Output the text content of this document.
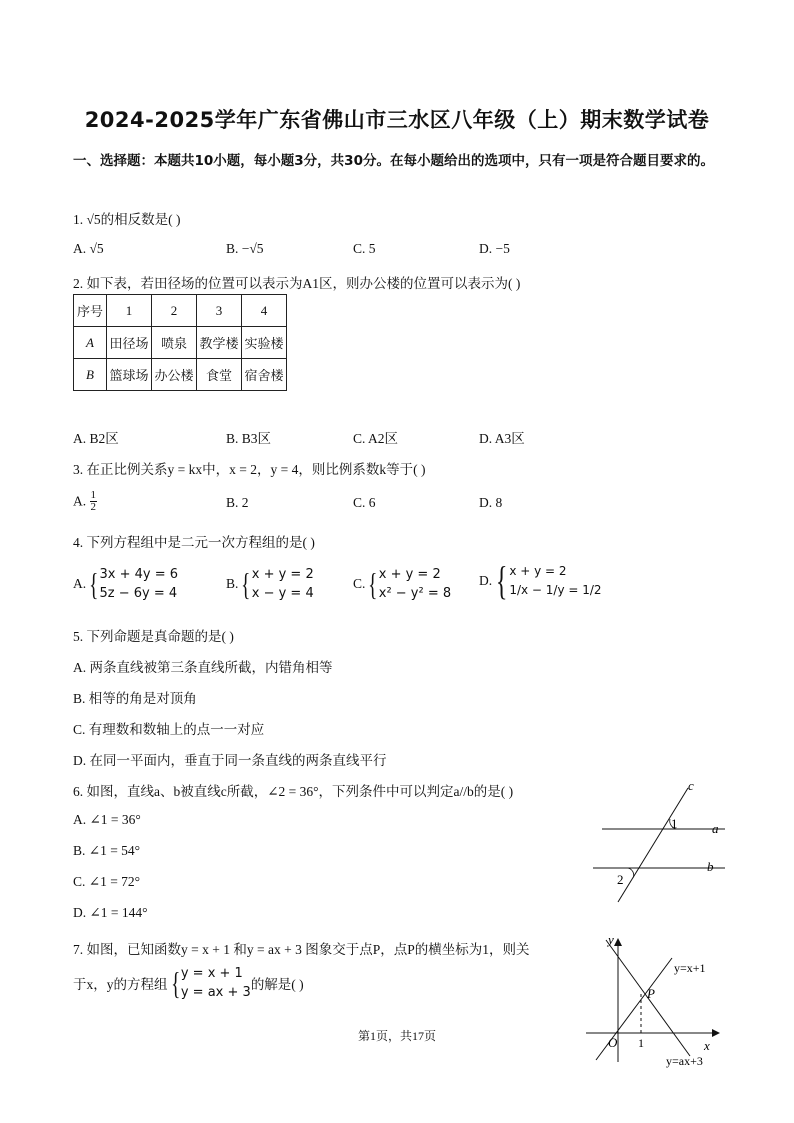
2024-2025学年广东省佛山市三水区八年级（上）期末数学试卷
一、选择题：本题共10小题，每小题3分，共30分。在每小题给出的选项中，只有一项是符合题目要求的。
1. √5的相反数是( )
A. √5	B. −√5	C. 5	D. −5
2. 如下表，若田径场的位置可以表示为A1区，则办公楼的位置可以表示为( )
序号	1	2	3	4
A	田径场	喷泉	教学楼	实验楼
B	篮球场	办公楼	食堂	宿舍楼
A. B2区	B. B3区	C. A2区	D. A3区
3. 在正比例关系y = kx中，x = 2，y = 4，则比例系数k等于( )
A. $\frac{1}{2}$	B. 2	C. 6	D. 8
4. 下列方程组中是二元一次方程组的是( )
A.{ 3x + 4y = 6
5z − 6y = 4
B.{ x + y = 2
x − y = 4
C.{ x + y = 2
x² − y² = 8
D.{ x + y = 2
1/x − 1/y = 1/2
5. 下列命题是真命题的是( )
A. 两条直线被第三条直线所截，内错角相等
B. 相等的角是对顶角
C. 有理数和数轴上的点一一对应
D. 在同一平面内，垂直于同一条直线的两条直线平行
6. 如图，直线a、b被直线c所截，∠2 = 36°，下列条件中可以判定a//b的是( )
A. ∠1 = 36°
B. ∠1 = 54°
C. ∠1 = 72°
D. ∠1 = 144°
c
a
b
1
2
7. 如图，已知函数y = x + 1 和y = ax + 3 图象交于点P，点P的横坐标为1，则关
于x，y的方程组{ y = x + 1
y = ax + 3
的解是( )
y
x
O 1
P
y=x+1
y=ax+3
第1页，共17页
